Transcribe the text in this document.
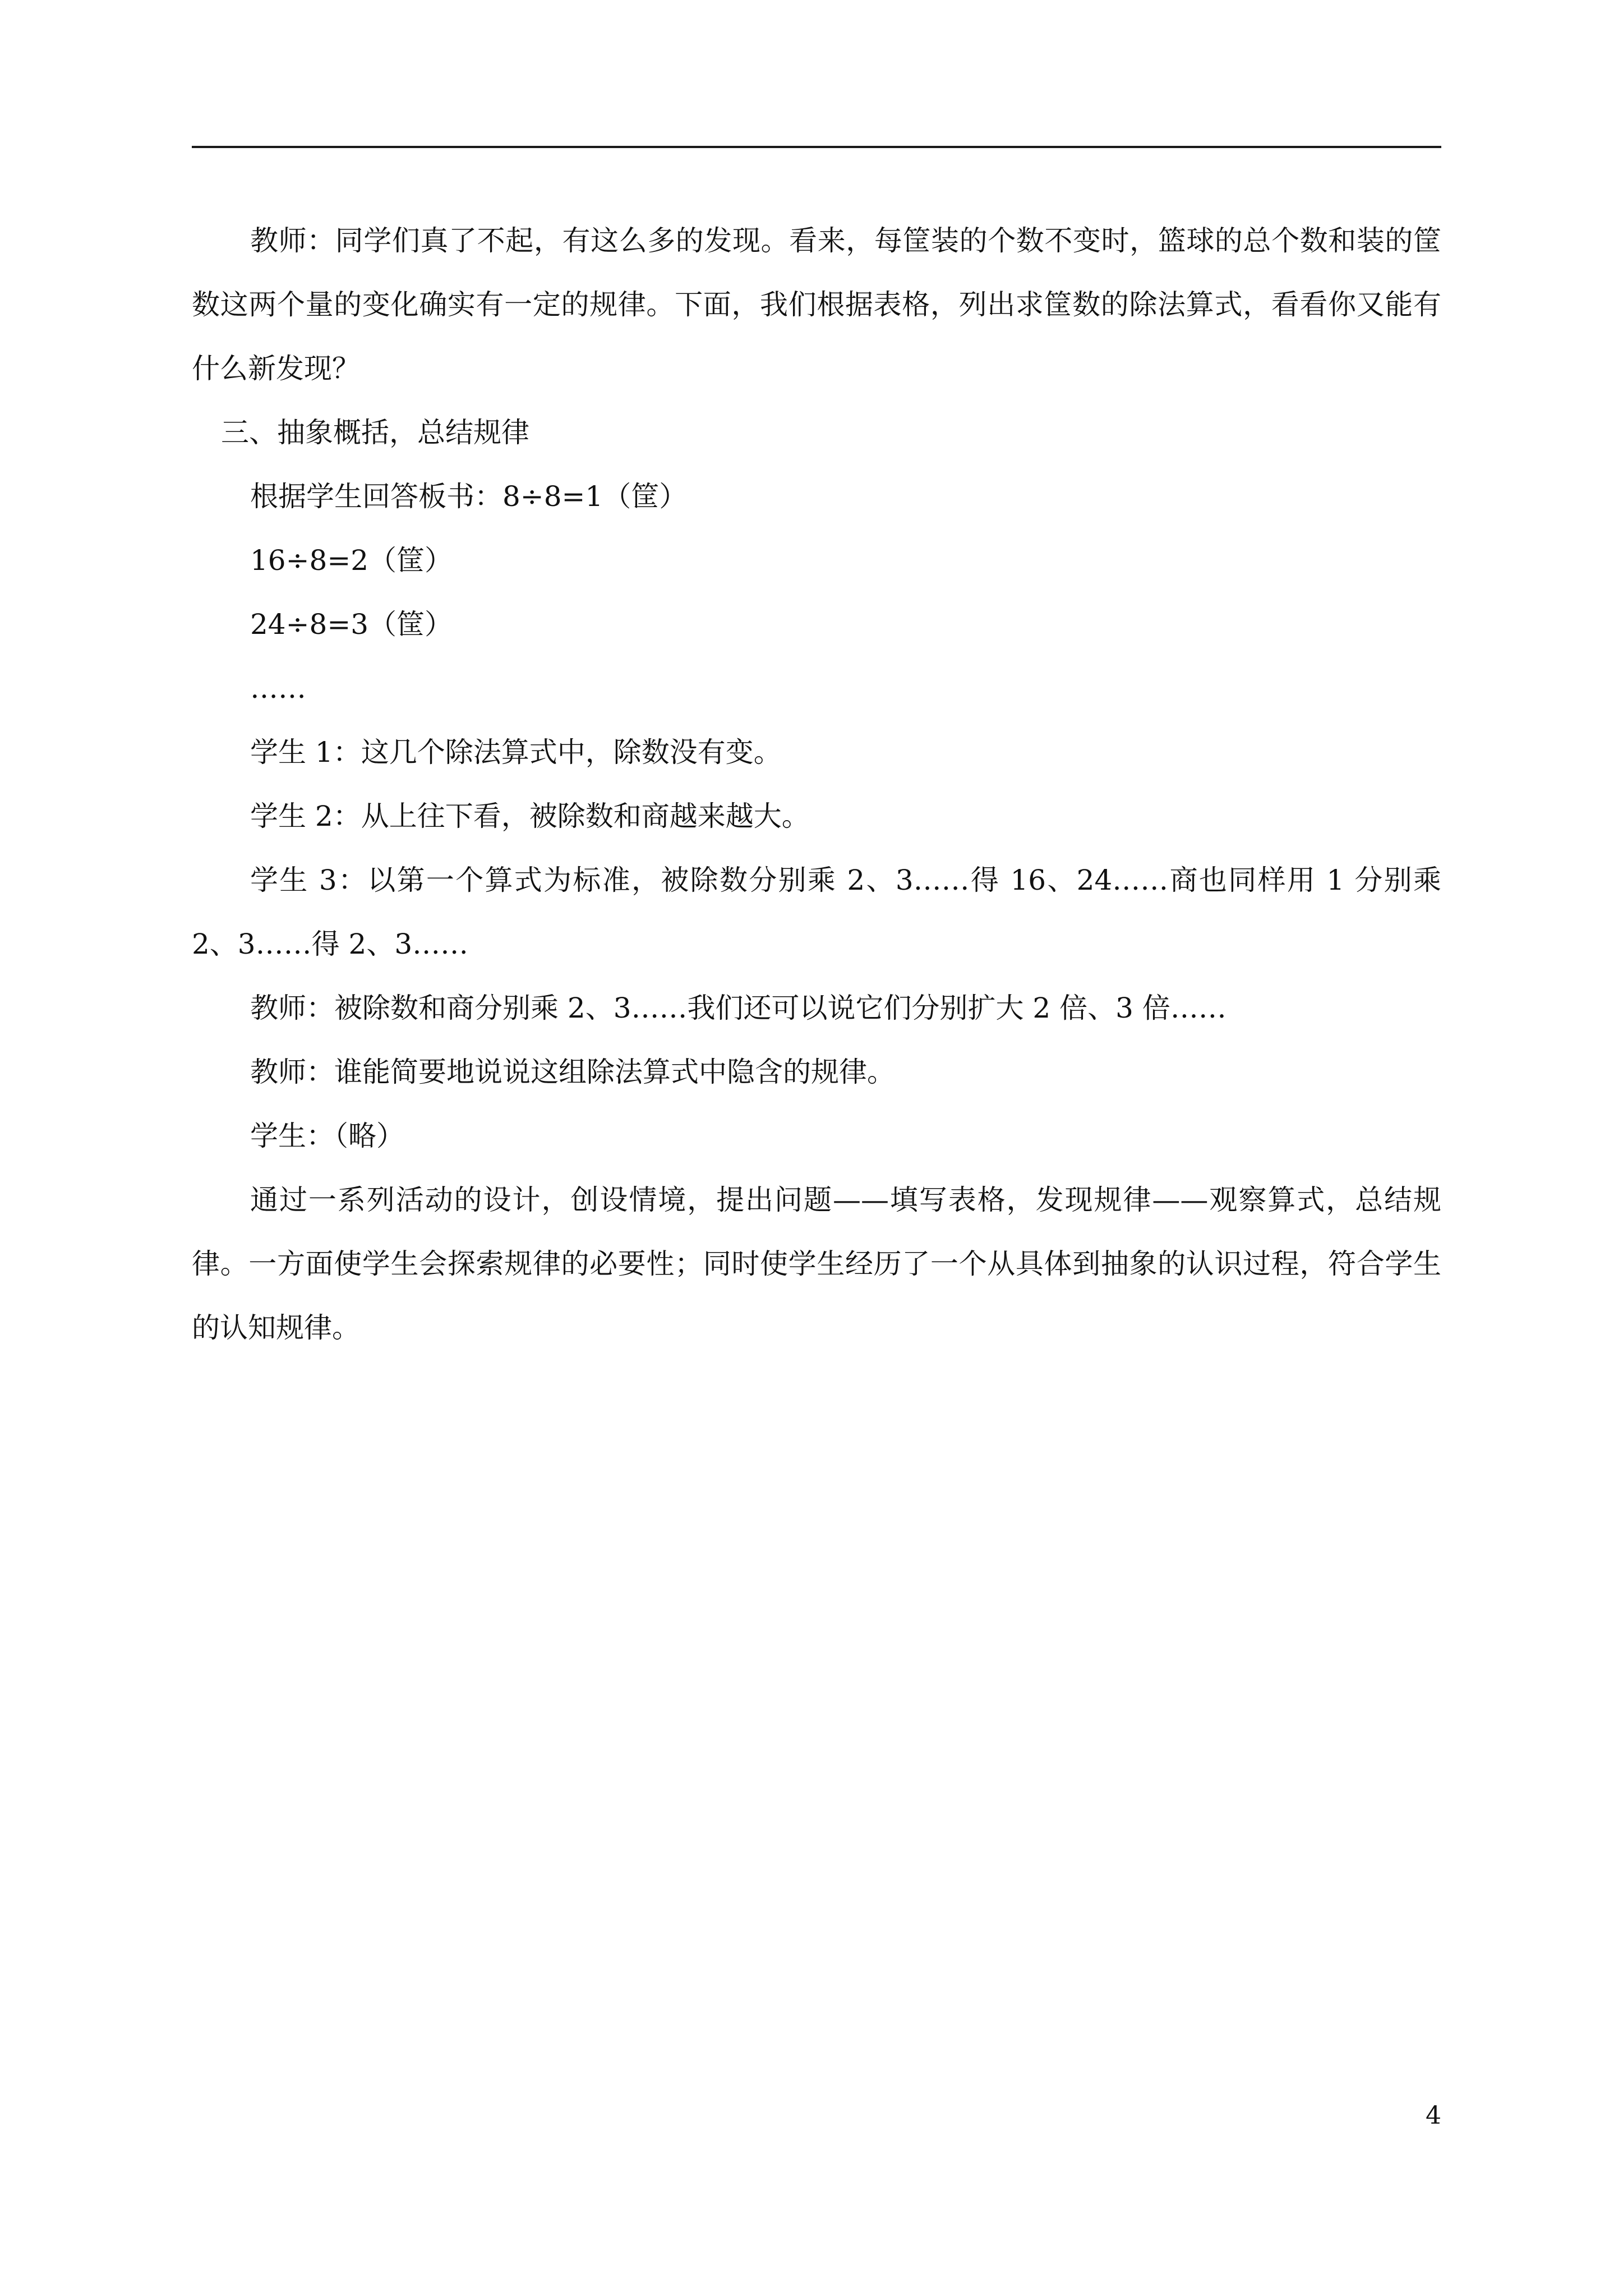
教师：同学们真了不起，有这么多的发现。看来，每筐装的个数不变时，篮球的总个数和装的筐数这两个量的变化确实有一定的规律。下面，我们根据表格，列出求筐数的除法算式，看看你又能有什么新发现？

三、抽象概括，总结规律

根据学生回答板书：8÷8=1（筐）

16÷8=2（筐）

24÷8=3（筐）

……

学生 1：这几个除法算式中，除数没有变。

学生 2：从上往下看，被除数和商越来越大。

学生 3：以第一个算式为标准，被除数分别乘 2、3……得 16、24……商也同样用 1 分别乘 2、3……得 2、3……

教师：被除数和商分别乘 2、3……我们还可以说它们分别扩大 2 倍、3 倍……

教师：谁能简要地说说这组除法算式中隐含的规律。

学生：（略）

通过一系列活动的设计，创设情境，提出问题——填写表格，发现规律——观察算式，总结规律。一方面使学生会探索规律的必要性；同时使学生经历了一个从具体到抽象的认识过程，符合学生的认知规律。

4
